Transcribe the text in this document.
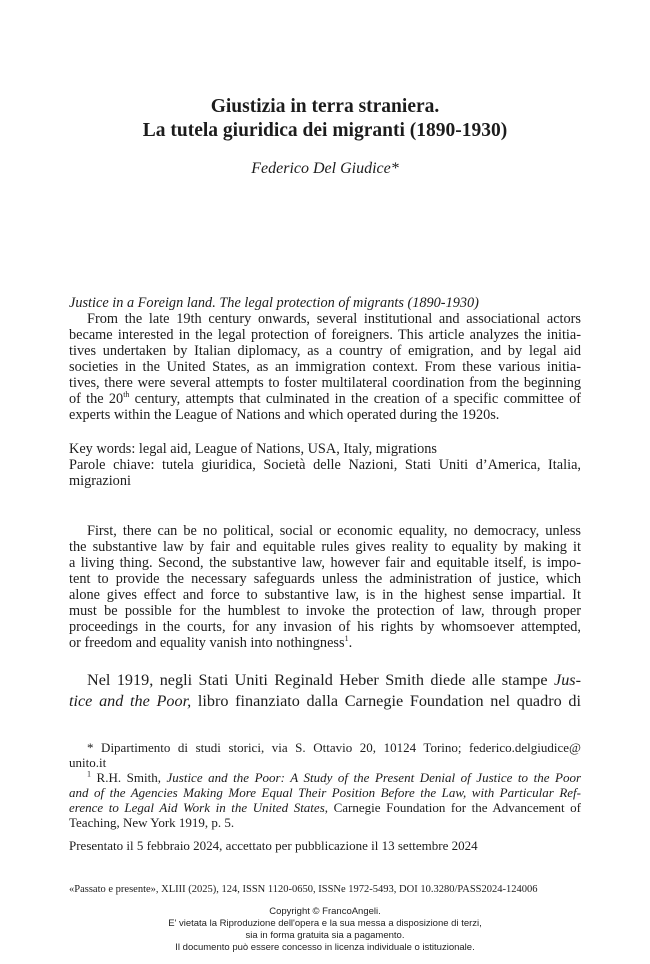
Giustizia in terra straniera.
La tutela giuridica dei migranti (1890-1930)
Federico Del Giudice*
Justice in a Foreign land. The legal protection of migrants (1890-1930)
From the late 19th century onwards, several institutional and associational actors
became interested in the legal protection of foreigners. This article analyzes the initia-
tives undertaken by Italian diplomacy, as a country of emigration, and by legal aid
societies in the United States, as an immigration context. From these various initia-
tives, there were several attempts to foster multilateral coordination from the beginning
of the 20th century, attempts that culminated in the creation of a specific committee of
experts within the League of Nations and which operated during the 1920s.
Key words: legal aid, League of Nations, USA, Italy, migrations
Parole chiave: tutela giuridica, Società delle Nazioni, Stati Uniti d’America, Italia,
migrazioni
First, there can be no political, social or economic equality, no democracy, unless
the substantive law by fair and equitable rules gives reality to equality by making it
a living thing. Second, the substantive law, however fair and equitable itself, is impo-
tent to provide the necessary safeguards unless the administration of justice, which
alone gives effect and force to substantive law, is in the highest sense impartial. It
must be possible for the humblest to invoke the protection of law, through proper
proceedings in the courts, for any invasion of his rights by whomsoever attempted,
or freedom and equality vanish into nothingness$^1$.
Nel 1919, negli Stati Uniti Reginald Heber Smith diede alle stampe Jus-
tice and the Poor, libro finanziato dalla Carnegie Foundation nel quadro di
* Dipartimento di studi storici, via S. Ottavio 20, 10124 Torino; federico.delgiudice@
unito.it
$^1$ R.H. Smith, Justice and the Poor: A Study of the Present Denial of Justice to the Poor
and of the Agencies Making More Equal Their Position Before the Law, with Particular Ref-
erence to Legal Aid Work in the United States, Carnegie Foundation for the Advancement of
Teaching, New York 1919, p. 5.
Presentato il 5 febbraio 2024, accettato per pubblicazione il 13 settembre 2024
«Passato e presente», XLIII (2025), 124, ISSN 1120-0650, ISSNe 1972-5493, DOI 10.3280/PASS2024-124006
Copyright © FrancoAngeli.
E' vietata la Riproduzione dell'opera e la sua messa a disposizione di terzi,
sia in forma gratuita sia a pagamento.
Il documento può essere concesso in licenza individuale o istituzionale.
